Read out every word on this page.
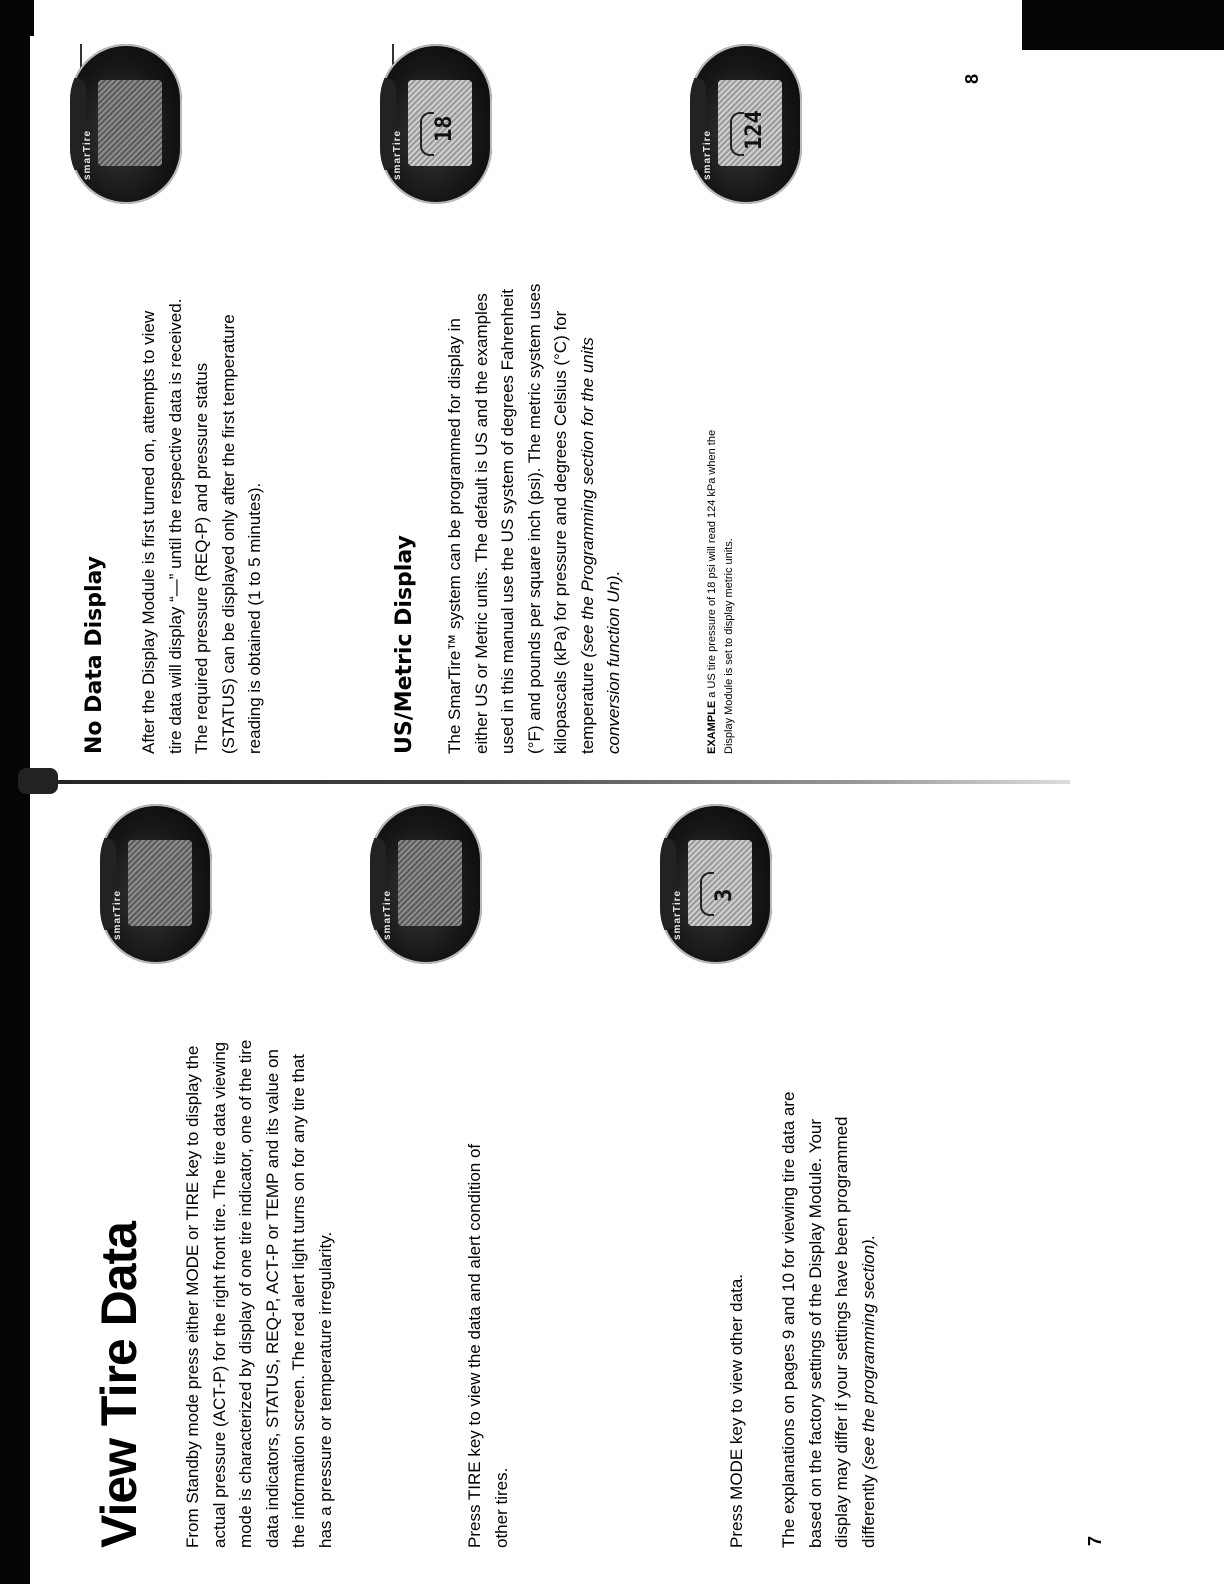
View Tire Data From Standby mode press either MODE or TIRE key to display the actual pressure (ACT-P) for the right front tire. The tire data viewing mode is characterized by display of one tire indicator, one of the tire data indicators, STATUS, REQ-P, ACT-P or TEMP and its value on the information screen. The red alert light turns on for any tire that has a pressure or temperature irregularity.	Press TIRE key to view the data and alert condition of other tires.	Press MODE key to view other data. The explanations on pages 9 and 10 for viewing tire data are based on the factory settings of the Display Module. Your display may differ if your settings have been programmed differently (see the programming section).

7
smarTire	smarTire	smarTire 3
No Data Display After the Display Module is first turned on, attempts to view tire data will display “—” until the respective data is received. The required pressure (REQ-P) and pressure status (STATUS) can be displayed only after the first temperature reading is obtained (1 to 5 minutes).	US/Metric Display The SmarTire™ system can be programmed for display in either US or Metric units. The default is US and the examples used in this manual use the US system of degrees Fahrenheit (°F) and pounds per square inch (psi). The metric system uses kilopascals (kPa) for pressure and degrees Celsius (°C) for temperature (see the Programming section for the units conversion function Un).	EXAMPLE a US tire pressure of 18 psi will read 124 kPa when the Display Module is set to display metric units.
smarTire	smarTire
18
smarTire 124
8
